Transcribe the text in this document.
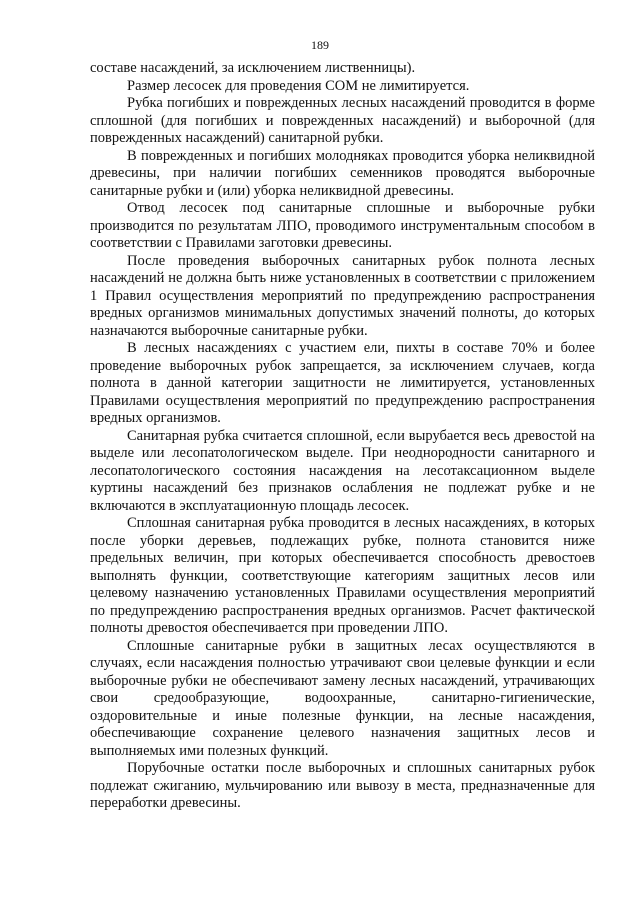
189

составе насаждений, за исключением лиственницы).

Размер лесосек для проведения СОМ не лимитируется.

Рубка погибших и поврежденных лесных насаждений проводится в форме сплошной (для погибших и поврежденных насаждений) и выборочной (для поврежденных насаждений) санитарной рубки.

В поврежденных и погибших молодняках проводится уборка неликвидной древесины, при наличии погибших семенников проводятся выборочные санитарные рубки и (или) уборка неликвидной древесины.

Отвод лесосек под санитарные сплошные и выборочные рубки производится по результатам ЛПО, проводимого инструментальным способом в соответствии с Правилами заготовки древесины.

После проведения выборочных санитарных рубок полнота лесных насаждений не должна быть ниже установленных в соответствии с приложением 1 Правил осуществления мероприятий по предупреждению распространения вредных организмов минимальных допустимых значений полноты, до которых назначаются выборочные санитарные рубки.

В лесных насаждениях с участием ели, пихты в составе 70% и более проведение выборочных рубок запрещается, за исключением случаев, когда полнота в данной категории защитности не лимитируется, установленных Правилами осуществления мероприятий по предупреждению распространения вредных организмов.

Санитарная рубка считается сплошной, если вырубается весь древостой на выделе или лесопатологическом выделе. При неоднородности санитарного и лесопатологического состояния насаждения на лесотаксационном выделе куртины насаждений без признаков ослабления не подлежат рубке и не включаются в эксплуатационную площадь лесосек.

Сплошная санитарная рубка проводится в лесных насаждениях, в которых после уборки деревьев, подлежащих рубке, полнота становится ниже предельных величин, при которых обеспечивается способность древостоев выполнять функции, соответствующие категориям защитных лесов или целевому назначению установленных Правилами осуществления мероприятий по предупреждению распространения вредных организмов. Расчет фактической полноты древостоя обеспечивается при проведении ЛПО.

Сплошные санитарные рубки в защитных лесах осуществляются в случаях, если насаждения полностью утрачивают свои целевые функции и если выборочные рубки не обеспечивают замену лесных насаждений, утрачивающих свои средообразующие, водоохранные, санитарно-гигиенические, оздоровительные и иные полезные функции, на лесные насаждения, обеспечивающие сохранение целевого назначения защитных лесов и выполняемых ими полезных функций.

Порубочные остатки после выборочных и сплошных санитарных рубок подлежат сжиганию, мульчированию или вывозу в места, предназначенные для переработки древесины.
